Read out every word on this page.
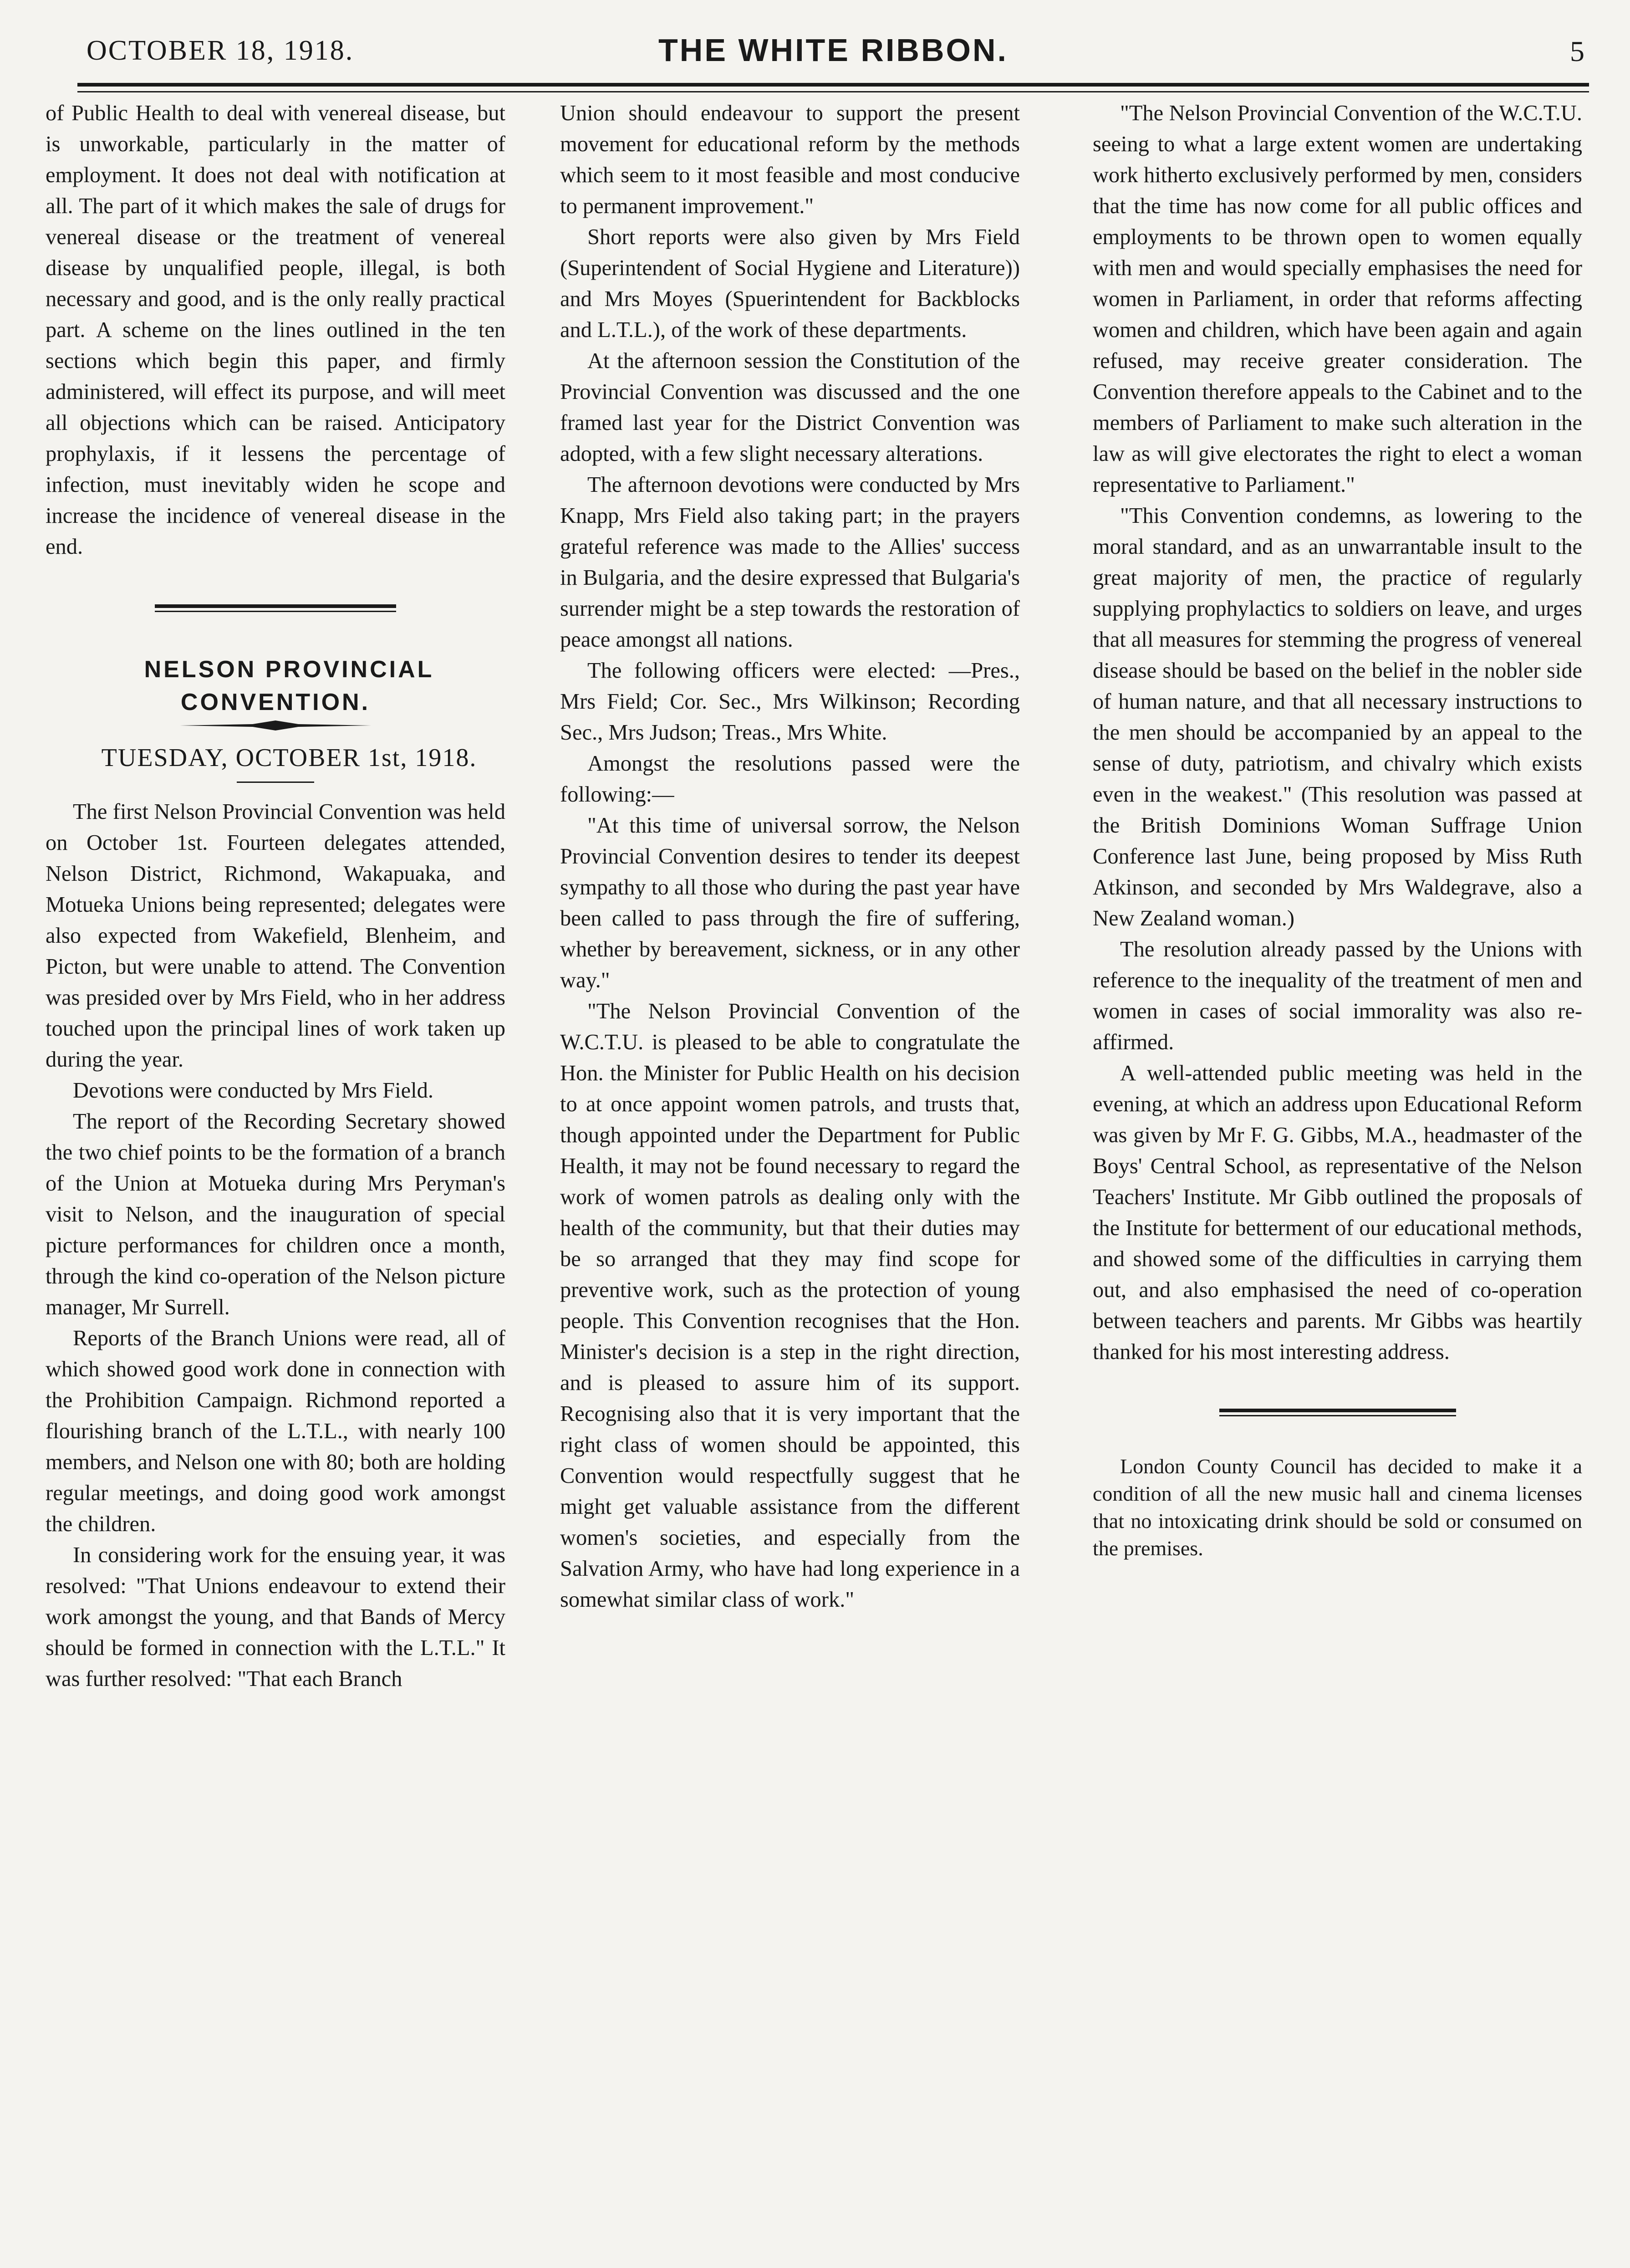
OCTOBER 18, 1918.	THE WHITE RIBBON.	5

of Public Health to deal with venereal disease, but is unworkable, particularly in the matter of employment. It does not deal with notification at all. The part of it which makes the sale of drugs for venereal disease or the treatment of venereal disease by unqualified people, illegal, is both necessary and good, and is the only really practical part. A scheme on the lines outlined in the ten sections which begin this paper, and firmly administered, will effect its purpose, and will meet all objections which can be raised. Anticipatory prophylaxis, if it lessens the percentage of infection, must inevitably widen he scope and increase the incidence of venereal disease in the end.

NELSON PROVINCIAL CONVENTION.

TUESDAY, OCTOBER 1st, 1918.

The first Nelson Provincial Convention was held on October 1st. Fourteen delegates attended, Nelson District, Richmond, Wakapuaka, and Motueka Unions being represented; delegates were also expected from Wakefield, Blenheim, and Picton, but were unable to attend. The Convention was presided over by Mrs Field, who in her address touched upon the principal lines of work taken up during the year.

Devotions were conducted by Mrs Field.

The report of the Recording Secretary showed the two chief points to be the formation of a branch of the Union at Motueka during Mrs Peryman's visit to Nelson, and the inauguration of special picture performances for children once a month, through the kind co-operation of the Nelson picture manager, Mr Surrell.

Reports of the Branch Unions were read, all of which showed good work done in connection with the Prohibition Campaign. Richmond reported a flourishing branch of the L.T.L., with nearly 100 members, and Nelson one with 80; both are holding regular meetings, and doing good work amongst the children.

In considering work for the ensuing year, it was resolved: "That Unions endeavour to extend their work amongst the young, and that Bands of Mercy should be formed in connection with the L.T.L." It was further resolved: "That each Branch

Union should endeavour to support the present movement for educational reform by the methods which seem to it most feasible and most conducive to permanent improvement."

Short reports were also given by Mrs Field (Superintendent of Social Hygiene and Literature)) and Mrs Moyes (Spuerintendent for Backblocks and L.T.L.), of the work of these departments.

At the afternoon session the Constitution of the Provincial Convention was discussed and the one framed last year for the District Convention was adopted, with a few slight necessary alterations.

The afternoon devotions were conducted by Mrs Knapp, Mrs Field also taking part; in the prayers grateful reference was made to the Allies' success in Bulgaria, and the desire expressed that Bulgaria's surrender might be a step towards the restoration of peace amongst all nations.

The following officers were elected: —Pres., Mrs Field; Cor. Sec., Mrs Wilkinson; Recording Sec., Mrs Judson; Treas., Mrs White.

Amongst the resolutions passed were the following:—

"At this time of universal sorrow, the Nelson Provincial Convention desires to tender its deepest sympathy to all those who during the past year have been called to pass through the fire of suffering, whether by bereavement, sickness, or in any other way."

"The Nelson Provincial Convention of the W.C.T.U. is pleased to be able to congratulate the Hon. the Minister for Public Health on his decision to at once appoint women patrols, and trusts that, though appointed under the Department for Public Health, it may not be found necessary to regard the work of women patrols as dealing only with the health of the community, but that their duties may be so arranged that they may find scope for preventive work, such as the protection of young people. This Convention recognises that the Hon. Minister's decision is a step in the right direction, and is pleased to assure him of its support. Recognising also that it is very important that the right class of women should be appointed, this Convention would respectfully suggest that he might get valuable assistance from the different women's societies, and especially from the Salvation Army, who have had long experience in a somewhat similar class of work."

"The Nelson Provincial Convention of the W.C.T.U. seeing to what a large extent women are undertaking work hitherto exclusively performed by men, considers that the time has now come for all public offices and employments to be thrown open to women equally with men and would specially emphasises the need for women in Parliament, in order that reforms affecting women and children, which have been again and again refused, may receive greater consideration. The Convention therefore appeals to the Cabinet and to the members of Parliament to make such alteration in the law as will give electorates the right to elect a woman representative to Parliament."

"This Convention condemns, as lowering to the moral standard, and as an unwarrantable insult to the great majority of men, the practice of regularly supplying prophylactics to soldiers on leave, and urges that all measures for stemming the progress of venereal disease should be based on the belief in the nobler side of human nature, and that all necessary instructions to the men should be accompanied by an appeal to the sense of duty, patriotism, and chivalry which exists even in the weakest." (This resolution was passed at the British Dominions Woman Suffrage Union Conference last June, being proposed by Miss Ruth Atkinson, and seconded by Mrs Waldegrave, also a New Zealand woman.)

The resolution already passed by the Unions with reference to the inequality of the treatment of men and women in cases of social immorality was also re-affirmed.

A well-attended public meeting was held in the evening, at which an address upon Educational Reform was given by Mr F. G. Gibbs, M.A., headmaster of the Boys' Central School, as representative of the Nelson Teachers' Institute. Mr Gibb outlined the proposals of the Institute for betterment of our educational methods, and showed some of the difficulties in carrying them out, and also emphasised the need of co-operation between teachers and parents. Mr Gibbs was heartily thanked for his most interesting address.

London County Council has decided to make it a condition of all the new music hall and cinema licenses that no intoxicating drink should be sold or consumed on the premises.
